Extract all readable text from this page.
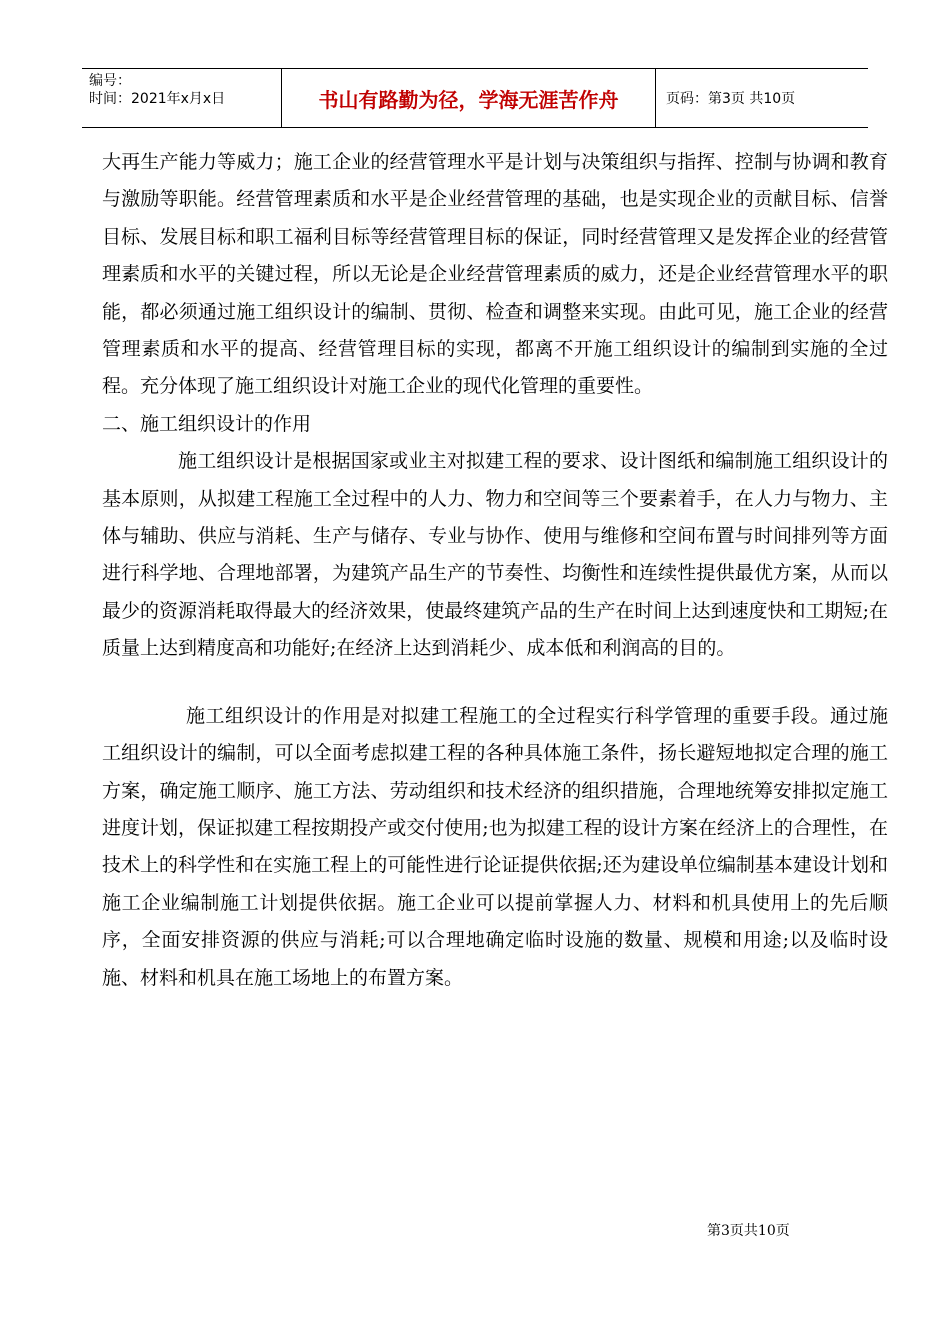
编号：
时间：2021年x月x日	书山有路勤为径，学海无涯苦作舟	页码：第3页 共10页

大再生产能力等威力；施工企业的经营管理水平是计划与决策组织与指挥、控制与协调和教育与激励等职能。经营管理素质和水平是企业经营管理的基础，也是实现企业的贡献目标、信誉目标、发展目标和职工福利目标等经营管理目标的保证，同时经营管理又是发挥企业的经营管理素质和水平的关键过程，所以无论是企业经营管理素质的威力，还是企业经营管理水平的职能，都必须通过施工组织设计的编制、贯彻、检查和调整来实现。由此可见，施工企业的经营管理素质和水平的提高、经营管理目标的实现，都离不开施工组织设计的编制到实施的全过程。充分体现了施工组织设计对施工企业的现代化管理的重要性。

二、施工组织设计的作用

施工组织设计是根据国家或业主对拟建工程的要求、设计图纸和编制施工组织设计的基本原则，从拟建工程施工全过程中的人力、物力和空间等三个要素着手，在人力与物力、主体与辅助、供应与消耗、生产与储存、专业与协作、使用与维修和空间布置与时间排列等方面进行科学地、合理地部署，为建筑产品生产的节奏性、均衡性和连续性提供最优方案，从而以最少的资源消耗取得最大的经济效果，使最终建筑产品的生产在时间上达到速度快和工期短;在质量上达到精度高和功能好;在经济上达到消耗少、成本低和利润高的目的。

施工组织设计的作用是对拟建工程施工的全过程实行科学管理的重要手段。通过施工组织设计的编制，可以全面考虑拟建工程的各种具体施工条件，扬长避短地拟定合理的施工方案，确定施工顺序、施工方法、劳动组织和技术经济的组织措施，合理地统筹安排拟定施工进度计划，保证拟建工程按期投产或交付使用;也为拟建工程的设计方案在经济上的合理性，在技术上的科学性和在实施工程上的可能性进行论证提供依据;还为建设单位编制基本建设计划和施工企业编制施工计划提供依据。施工企业可以提前掌握人力、材料和机具使用上的先后顺序，全面安排资源的供应与消耗;可以合理地确定临时设施的数量、规模和用途;以及临时设施、材料和机具在施工场地上的布置方案。

第3页共10页
